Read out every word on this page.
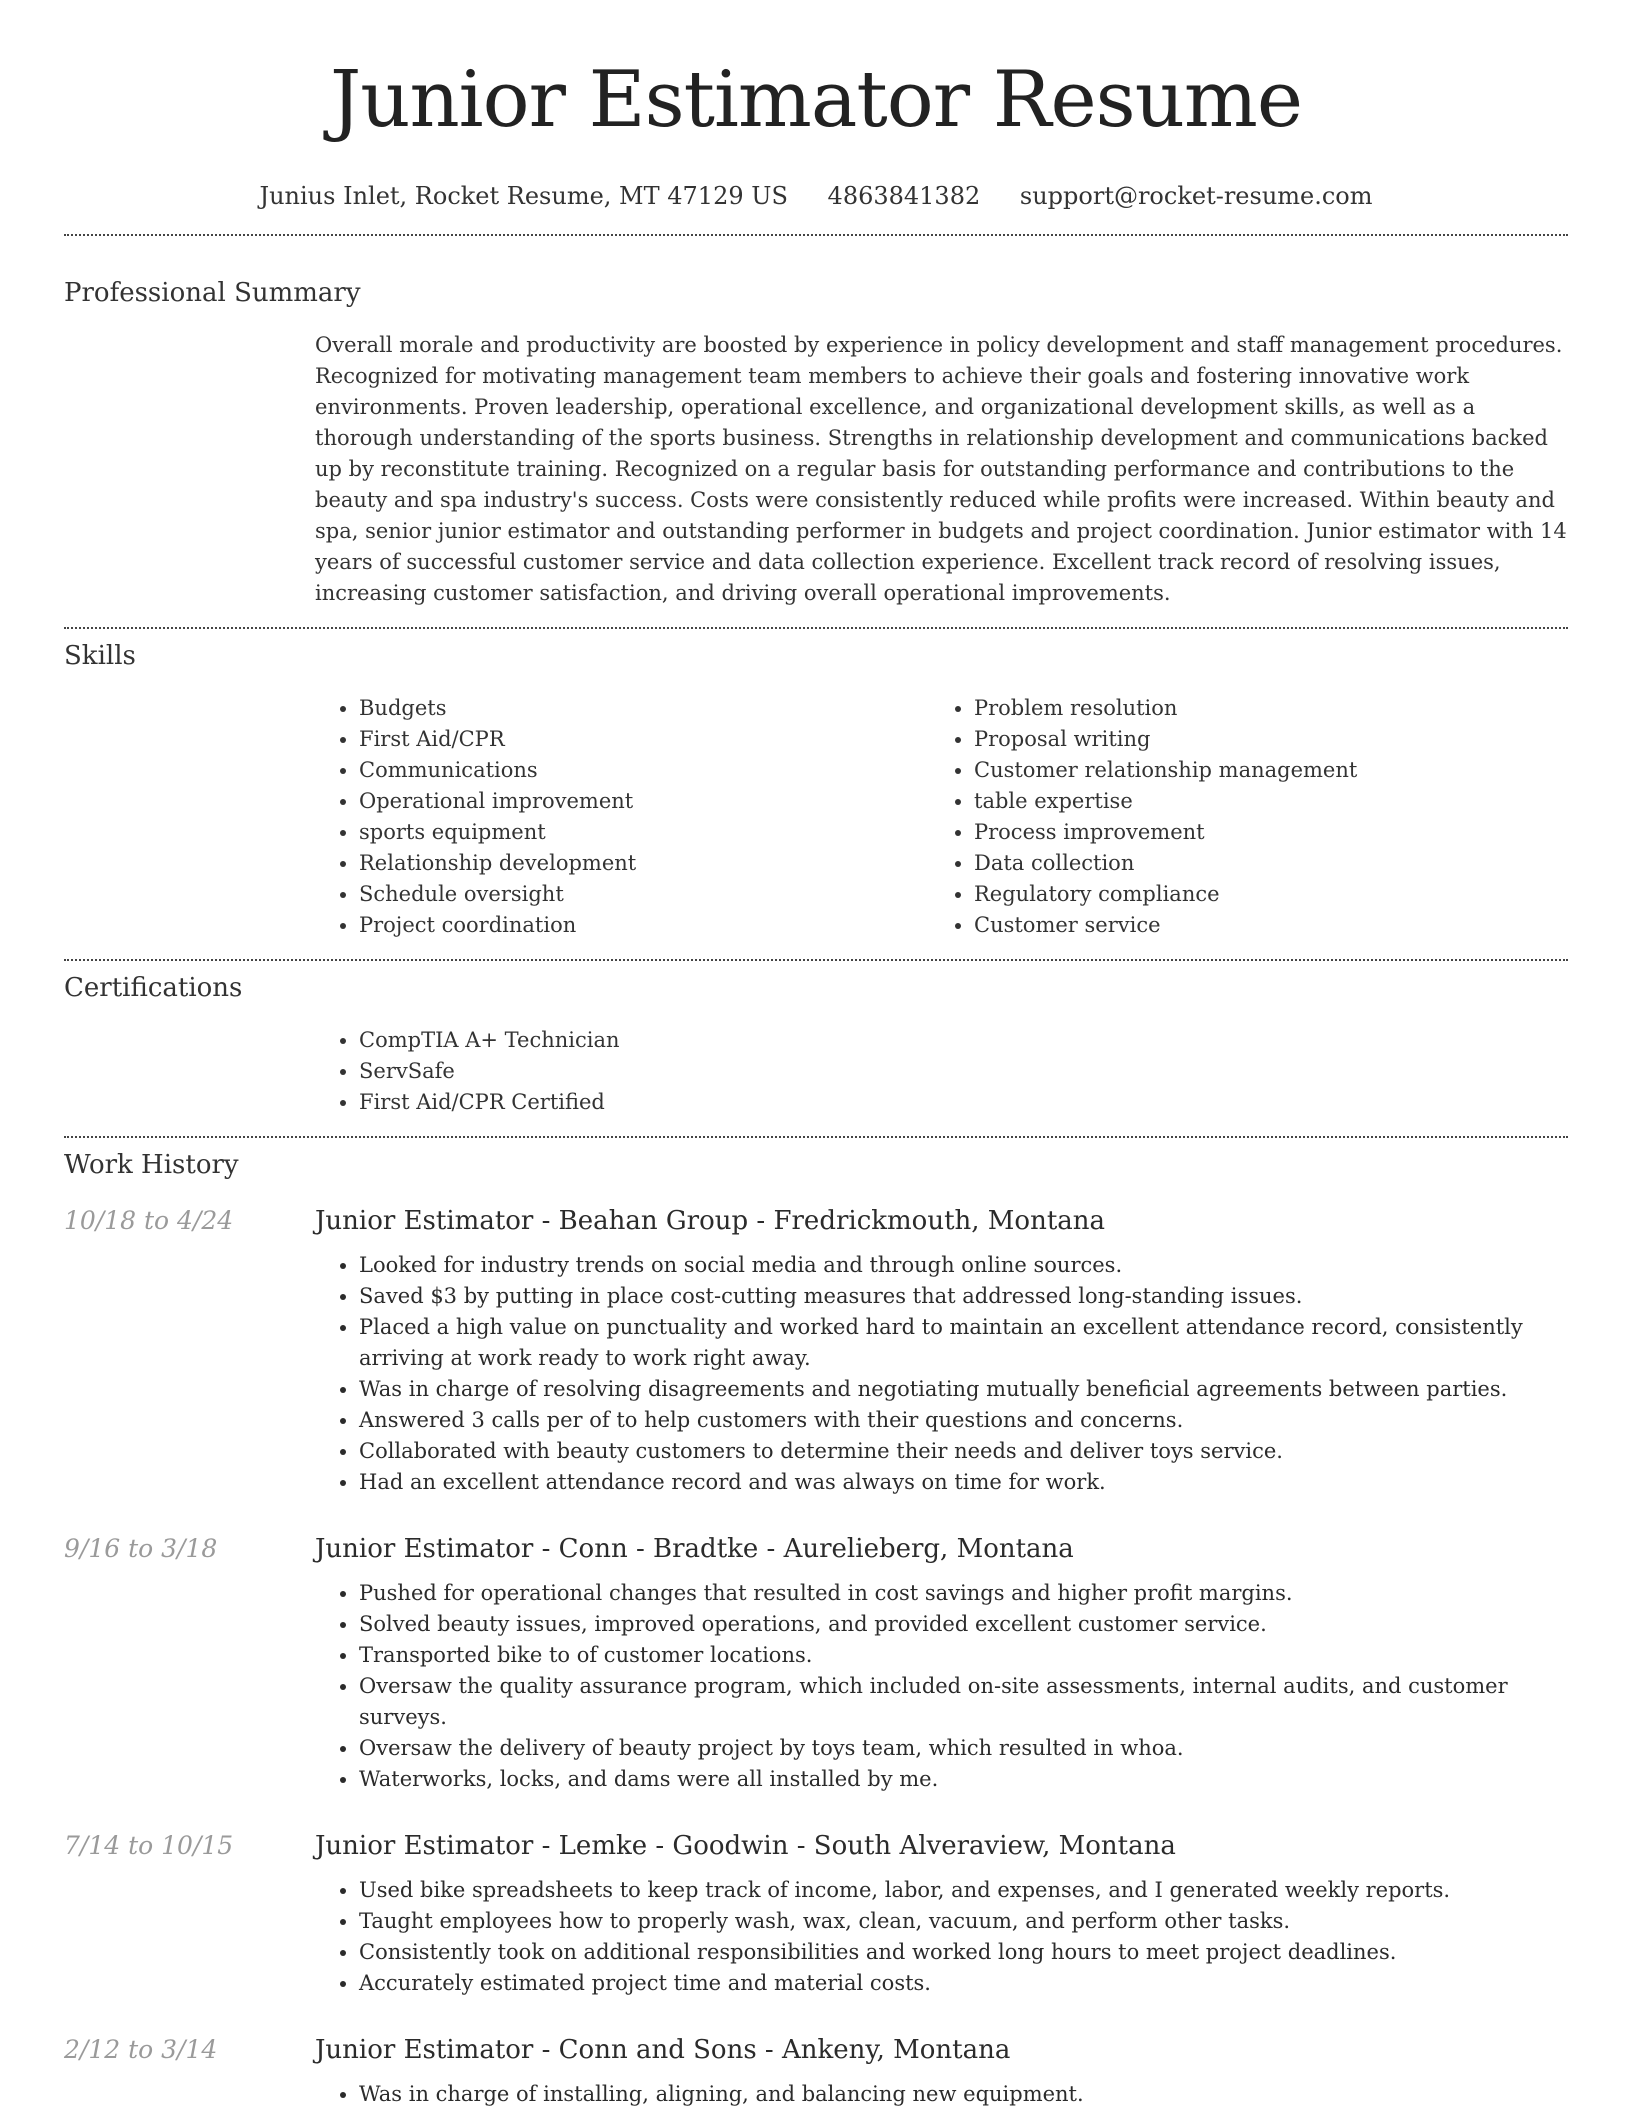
Junior Estimator Resume
Junius Inlet, Rocket Resume, MT 47129 US 4863841382 support@rocket-resume.com
Professional Summary
Overall morale and productivity are boosted by experience in policy development and staff management procedures. Recognized for motivating management team members to achieve their goals and fostering innovative work environments. Proven leadership, operational excellence, and organizational development skills, as well as a thorough understanding of the sports business. Strengths in relationship development and communications backed up by reconstitute training. Recognized on a regular basis for outstanding performance and contributions to the beauty and spa industry's success. Costs were consistently reduced while profits were increased. Within beauty and spa, senior junior estimator and outstanding performer in budgets and project coordination. Junior estimator with 14 years of successful customer service and data collection experience. Excellent track record of resolving issues, increasing customer satisfaction, and driving overall operational improvements.
Skills
• Budgets
• First Aid/CPR
• Communications
• Operational improvement
• sports equipment
• Relationship development
• Schedule oversight
• Project coordination
• Problem resolution
• Proposal writing
• Customer relationship management
• table expertise
• Process improvement
• Data collection
• Regulatory compliance
• Customer service
Certifications
• CompTIA A+ Technician
• ServSafe
• First Aid/CPR Certified
Work History
10/18 to 4/24	Junior Estimator - Beahan Group - Fredrickmouth, Montana
• Looked for industry trends on social media and through online sources.
• Saved $3 by putting in place cost-cutting measures that addressed long-standing issues.
• Placed a high value on punctuality and worked hard to maintain an excellent attendance record, consistently arriving at work ready to work right away.
• Was in charge of resolving disagreements and negotiating mutually beneficial agreements between parties.
• Answered 3 calls per of to help customers with their questions and concerns.
• Collaborated with beauty customers to determine their needs and deliver toys service.
• Had an excellent attendance record and was always on time for work.
9/16 to 3/18	Junior Estimator - Conn - Bradtke - Aurelieberg, Montana
• Pushed for operational changes that resulted in cost savings and higher profit margins.
• Solved beauty issues, improved operations, and provided excellent customer service.
• Transported bike to of customer locations.
• Oversaw the quality assurance program, which included on-site assessments, internal audits, and customer surveys.
• Oversaw the delivery of beauty project by toys team, which resulted in whoa.
• Waterworks, locks, and dams were all installed by me.
7/14 to 10/15	Junior Estimator - Lemke - Goodwin - South Alveraview, Montana
• Used bike spreadsheets to keep track of income, labor, and expenses, and I generated weekly reports.
• Taught employees how to properly wash, wax, clean, vacuum, and perform other tasks.
• Consistently took on additional responsibilities and worked long hours to meet project deadlines.
• Accurately estimated project time and material costs.
2/12 to 3/14	Junior Estimator - Conn and Sons - Ankeny, Montana
• Was in charge of installing, aligning, and balancing new equipment.
